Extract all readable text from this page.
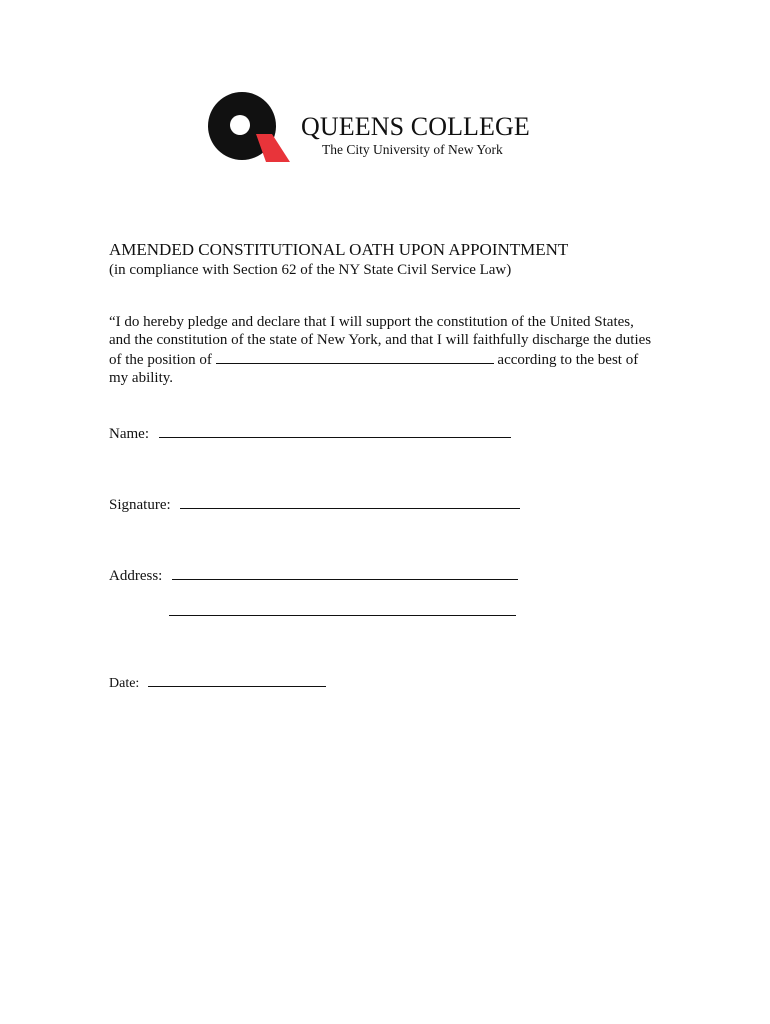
QUEENS COLLEGE
The City University of New York
AMENDED CONSTITUTIONAL OATH UPON APPOINTMENT
(in compliance with Section 62 of the NY State Civil Service Law)
“I do hereby pledge and declare that I will support the constitution of the United States,
and the constitution of the state of New York, and that I will faithfully discharge the duties
of the position of	according to the best of
my ability.
Name:
Signature:
Address:
Date:
